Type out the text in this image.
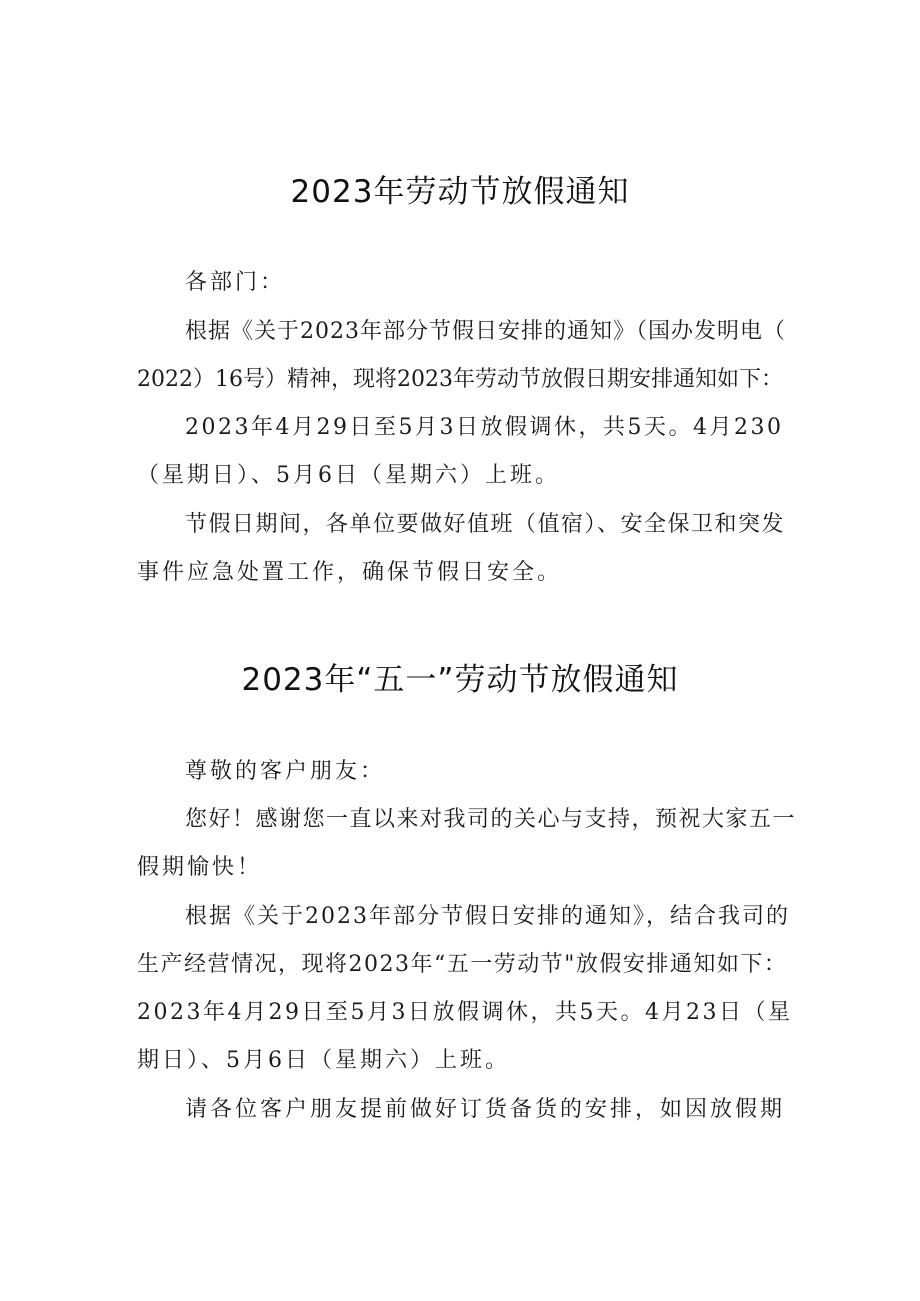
2023年劳动节放假通知
各部门：
根据《关于2023年部分节假日安排的通知》（国办发明电（
2022）16号）精神，现将2023年劳动节放假日期安排通知如下：
2023年4月29日至5月3日放假调休，共5天。4月230
（星期日）、5月6日（星期六）上班。
节假日期间，各单位要做好值班（值宿）、安全保卫和突发
事件应急处置工作，确保节假日安全。
2023年“五一”劳动节放假通知
尊敬的客户朋友：
您好！感谢您一直以来对我司的关心与支持，预祝大家五一
假期愉快！
根据《关于2023年部分节假日安排的通知》，结合我司的
生产经营情况，现将2023年“五一劳动节"放假安排通知如下：
2023年4月29日至5月3日放假调休，共5天。4月23日（星
期日）、5月6日（星期六）上班。
请各位客户朋友提前做好订货备货的安排，如因放假期
